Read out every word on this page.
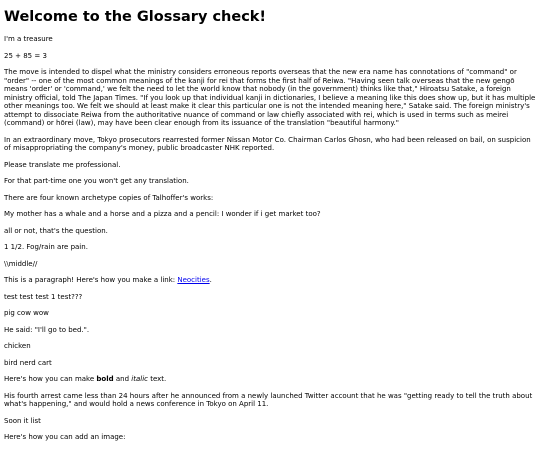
Welcome to the Glossary check!

I'm a treasure

25 + 85 = 3

The move is intended to dispel what the ministry considers erroneous reports overseas that the new era name has connotations of "command" or "order" -- one of the most common meanings of the kanji for rei that forms the first half of Reiwa. "Having seen talk overseas that the new gengō means 'order' or 'command,' we felt the need to let the world know that nobody (in the government) thinks like that," Hiroatsu Satake, a foreign ministry official, told The Japan Times. "If you look up that individual kanji in dictionaries, I believe a meaning like this does show up, but it has multiple other meanings too. We felt we should at least make it clear this particular one is not the intended meaning here," Satake said. The foreign ministry's attempt to dissociate Reiwa from the authoritative nuance of command or law chiefly associated with rei, which is used in terms such as meirei (command) or hōrei (law), may have been clear enough from its issuance of the translation "beautiful harmony."

In an extraordinary move, Tokyo prosecutors rearrested former Nissan Motor Co. Chairman Carlos Ghosn, who had been released on bail, on suspicion of misappropriating the company's money, public broadcaster NHK reported.

Please translate me professional.

For that part-time one you won't get any translation.

There are four known archetype copies of Talhoffer's works:

My mother has a whale and a horse and a pizza and a pencil: I wonder if i get market too?

all or not, that's the question.

1 1/2. Fog/rain are pain.

\\middle//

This is a paragraph! Here's how you make a link: Neocities.

test test test 1 test???

pig cow wow

He said: "I'll go to bed.".

chicken

bird nerd cart

Here's how you can make bold and italic text.

His fourth arrest came less than 24 hours after he announced from a newly launched Twitter account that he was "getting ready to tell the truth about what's happening," and would hold a news conference in Tokyo on April 11.

Soon it list

Here's how you can add an image:
